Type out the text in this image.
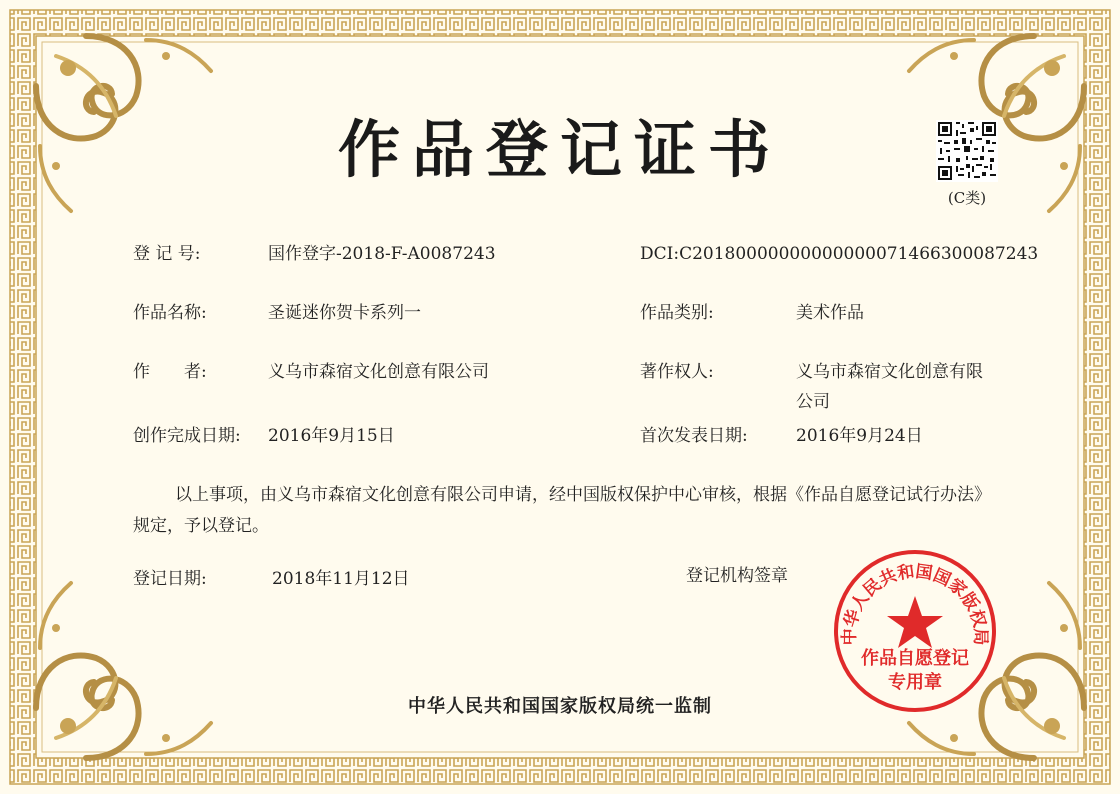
作品登记证书
(C类)
登 记 号:	国作登字-2018-F-A0087243	DCI:C20180000000000000071466300087243
作品名称:	圣诞迷你贺卡系列一	作品类别:	美术作品
作　　者:	义乌市森宿文化创意有限公司	著作权人:	义乌市森宿文化创意有限公司
创作完成日期: 2016年9月15日	首次发表日期:	2016年9月24日
以上事项，由义乌市森宿文化创意有限公司申请，经中国版权保护中心审核，根据《作品自愿登记试行办法》规定，予以登记。
登记日期:	2018年11月12日	登记机构签章
中华人民共和国国家版权局
作品自愿登记
专用章
中华人民共和国国家版权局统一监制
